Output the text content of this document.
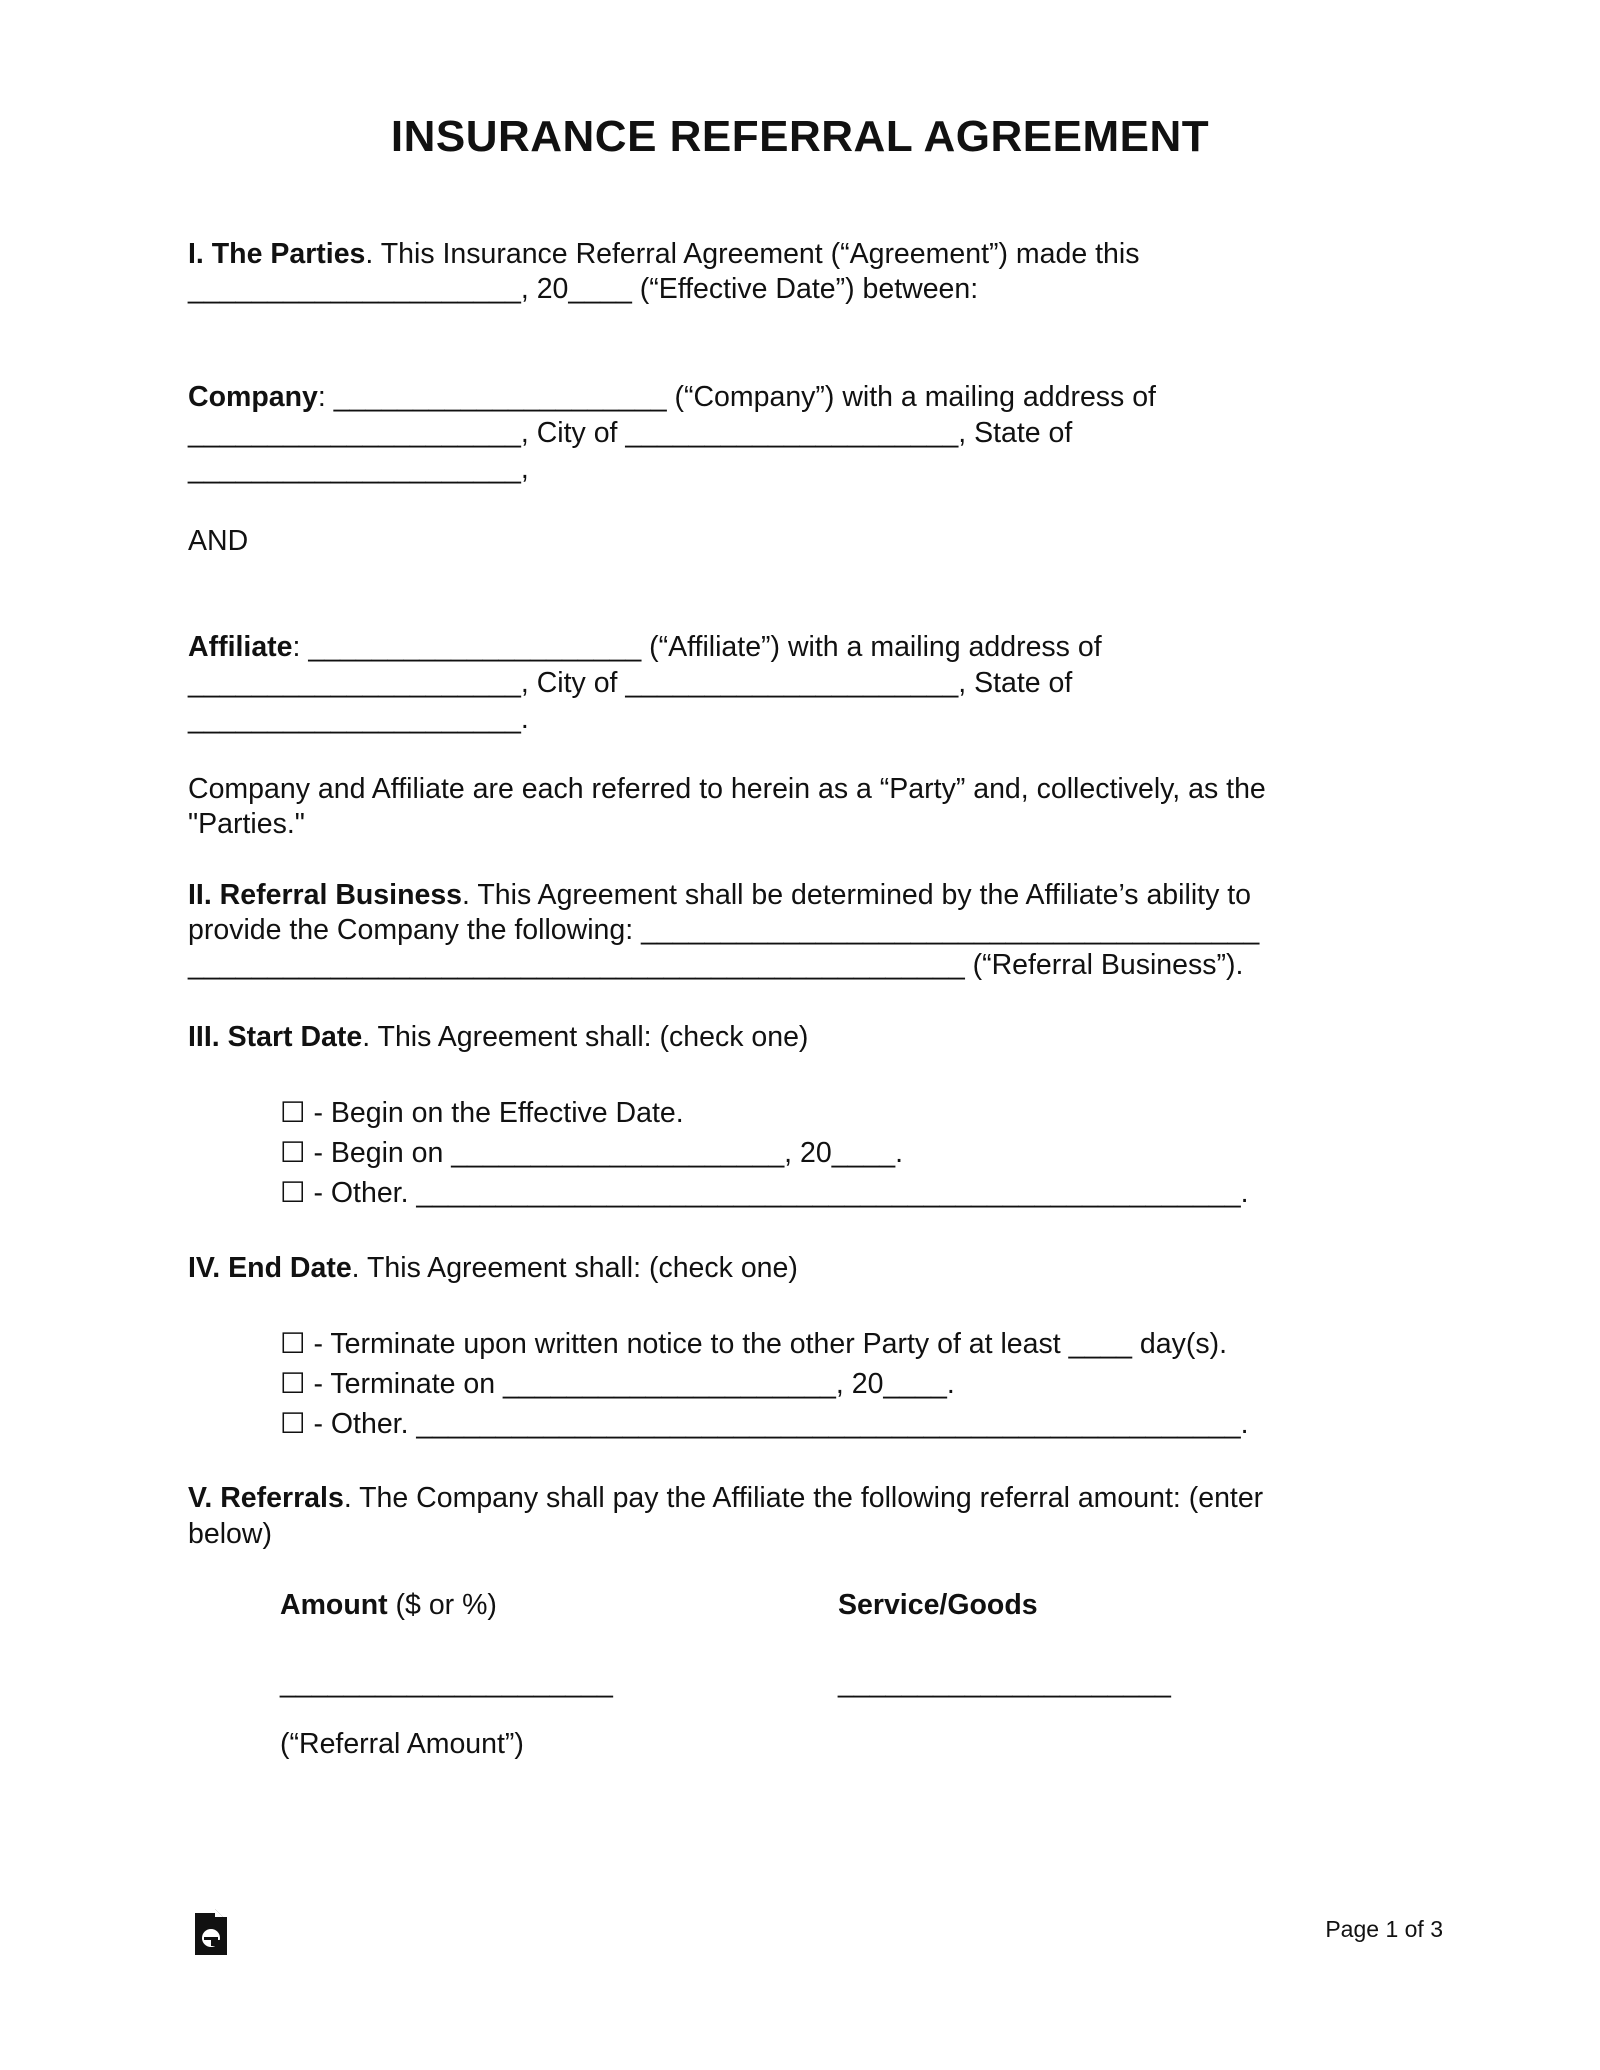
INSURANCE REFERRAL AGREEMENT
I. The Parties. This Insurance Referral Agreement (“Agreement”) made this
_____________________, 20____ (“Effective Date”) between:
Company: _____________________ (“Company”) with a mailing address of
_____________________, City of _____________________, State of
_____________________,
AND
Affiliate: _____________________ (“Affiliate”) with a mailing address of
_____________________, City of _____________________, State of
_____________________.
Company and Affiliate are each referred to herein as a “Party” and, collectively, as the
"Parties."
II. Referral Business. This Agreement shall be determined by the Affiliate’s ability to
provide the Company the following: _______________________________________
_________________________________________________ (“Referral Business”).
III. Start Date. This Agreement shall: (check one)
☐ - Begin on the Effective Date.
☐ - Begin on _____________________, 20____.
☐ - Other. ____________________________________________________.
IV. End Date. This Agreement shall: (check one)
☐ - Terminate upon written notice to the other Party of at least ____ day(s).
☐ - Terminate on _____________________, 20____.
☐ - Other. ____________________________________________________.
V. Referrals. The Company shall pay the Affiliate the following referral amount: (enter
below)
Amount ($ or %)	Service/Goods
_____________________	_____________________
(“Referral Amount”)
Page 1 of 3
